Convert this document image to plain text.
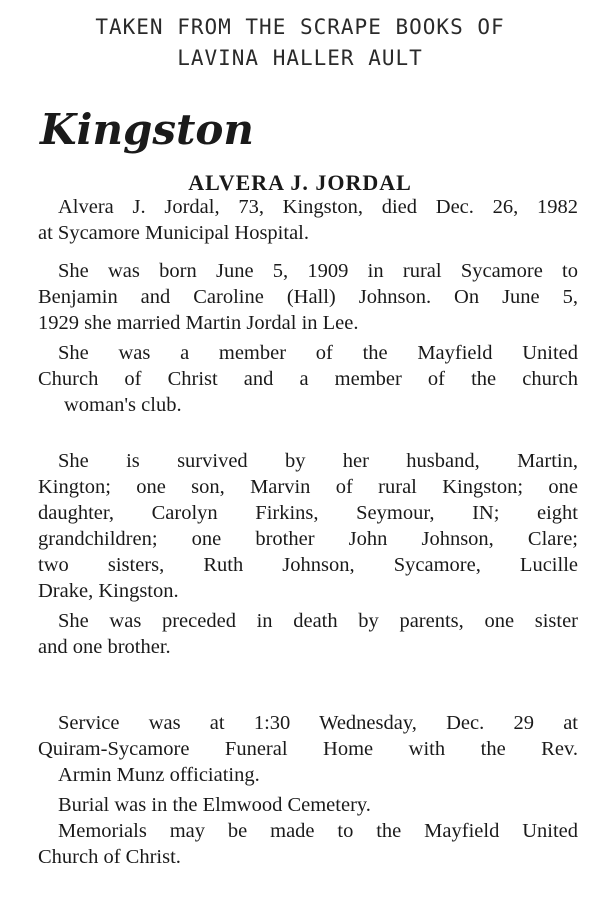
TAKEN FROM THE SCRAPE BOOKS OF
LAVINA HALLER AULT
Kingston
ALVERA J. JORDAL
Alvera J. Jordal, 73, Kingston, died Dec. 26, 1982
at Sycamore Municipal Hospital.
She was born June 5, 1909 in rural Sycamore to
Benjamin and Caroline (Hall) Johnson. On June 5,
1929 she married Martin Jordal in Lee.
She was a member of the Mayfield United
Church of Christ and a member of the church
woman's club.
She is survived by her husband, Martin,
Kington; one son, Marvin of rural Kingston; one
daughter, Carolyn Firkins, Seymour, IN; eight
grandchildren; one brother John Johnson, Clare;
two sisters, Ruth Johnson, Sycamore, Lucille
Drake, Kingston.
She was preceded in death by parents, one sister
and one brother.
Service was at 1:30 Wednesday, Dec. 29 at
Quiram-Sycamore Funeral Home with the Rev.
Armin Munz officiating.
Burial was in the Elmwood Cemetery.
Memorials may be made to the Mayfield United
Church of Christ.
